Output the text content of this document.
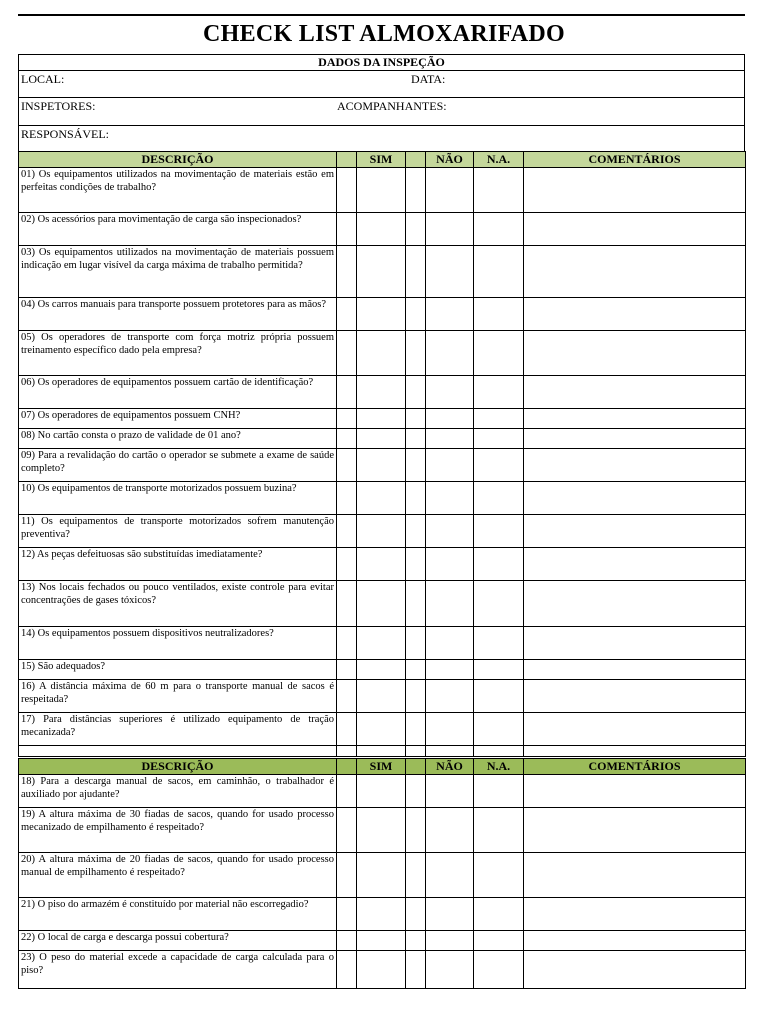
CHECK LIST ALMOXARIFADO
DADOS DA INSPEÇÃO
LOCAL:	DATA:
INSPETORES:	ACOMPANHANTES:
RESPONSÁVEL:
DESCRIÇÃO		SIM		NÃO	N.A.	COMENTÁRIOS
01) Os equipamentos utilizados na movimentação de materiais estão em perfeitas condições de trabalho?						
02) Os acessórios para movimentação de carga são inspecionados?						
03) Os equipamentos utilizados na movimentação de materiais possuem indicação em lugar visível da carga máxima de trabalho permitida?						
04) Os carros manuais para transporte possuem protetores para as mãos?						
05) Os operadores de transporte com força motriz própria possuem treinamento específico dado pela empresa?						
06) Os operadores de equipamentos possuem cartão de identificação?						
07) Os operadores de equipamentos possuem CNH?						
08) No cartão consta o prazo de validade de 01 ano?						
09) Para a revalidação do cartão o operador se submete a exame de saúde completo?						
10) Os equipamentos de transporte motorizados possuem buzina?						
11) Os equipamentos de transporte motorizados sofrem manutenção preventiva?						
12) As peças defeituosas são substituídas imediatamente?						
13) Nos locais fechados ou pouco ventilados, existe controle para evitar concentrações de gases tóxicos?						
14) Os equipamentos possuem dispositivos neutralizadores?						
15) São adequados?						
16) A distância máxima de 60 m para o transporte manual de sacos é respeitada?						
17) Para distâncias superiores é utilizado equipamento de tração mecanizada?						

DESCRIÇÃO		SIM		NÃO	N.A.	COMENTÁRIOS
18) Para a descarga manual de sacos, em caminhão, o trabalhador é auxiliado por ajudante?						
19) A altura máxima de 30 fiadas de sacos, quando for usado processo mecanizado de empilhamento é respeitado?						
20) A altura máxima de 20 fiadas de sacos, quando for usado processo manual de empilhamento é respeitado?						
21) O piso do armazém é constituído por material não escorregadio?						
22) O local de carga e descarga possui cobertura?						
23) O peso do material excede a capacidade de carga calculada para o piso?						
